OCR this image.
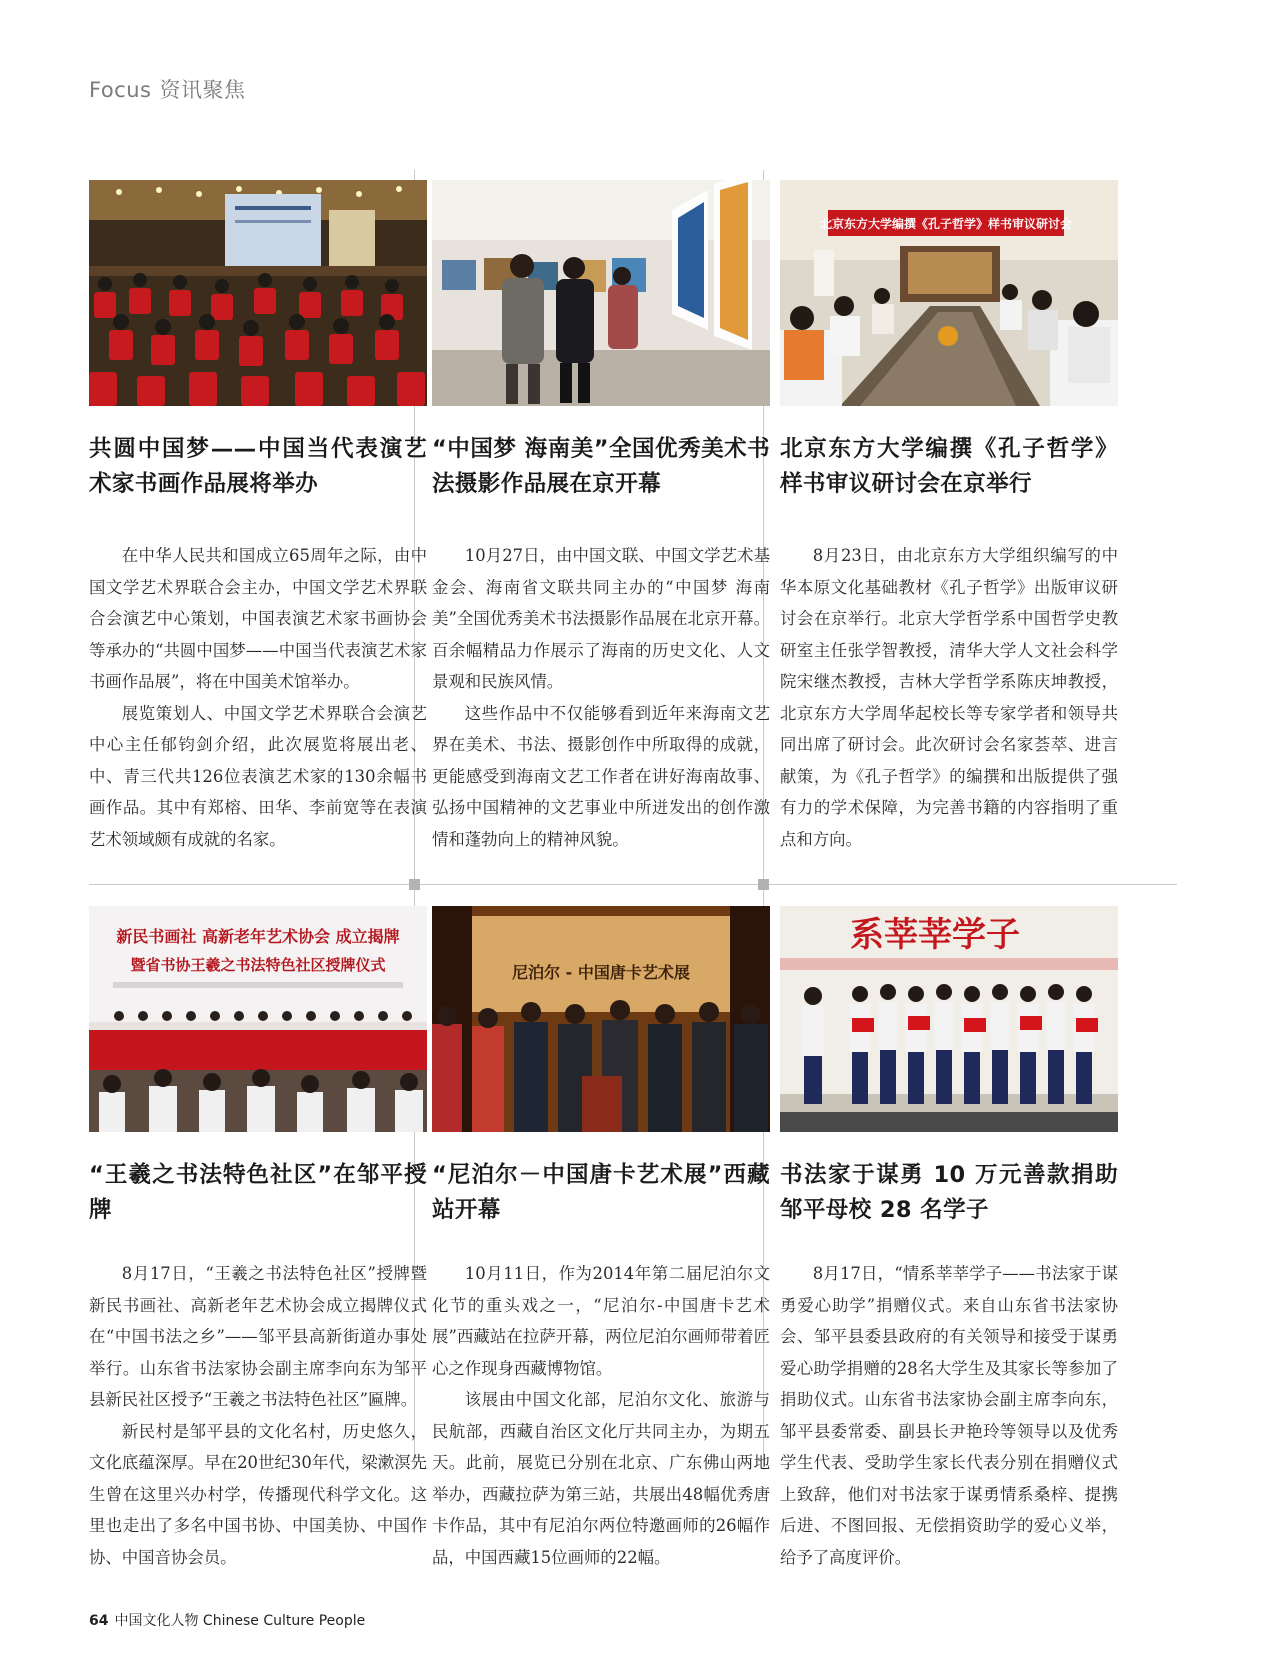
Focus 资讯聚焦
共圆中国梦——中国当代表演艺术家书画作品展将举办

在中华人民共和国成立65周年之际，由中国文学艺术界联合会主办，中国文学艺术界联合会演艺中心策划，中国表演艺术家书画协会等承办的“共圆中国梦——中国当代表演艺术家书画作品展”，将在中国美术馆举办。

展览策划人、中国文学艺术界联合会演艺中心主任郁钧剑介绍，此次展览将展出老、中、青三代共126位表演艺术家的130余幅书画作品。其中有郑榕、田华、李前宽等在表演艺术领域颇有成就的名家。

“中国梦 海南美”全国优秀美术书法摄影作品展在京开幕

10月27日，由中国文联、中国文学艺术基金会、海南省文联共同主办的“中国梦 海南美”全国优秀美术书法摄影作品展在北京开幕。百余幅精品力作展示了海南的历史文化、人文景观和民族风情。

这些作品中不仅能够看到近年来海南文艺界在美术、书法、摄影创作中所取得的成就，更能感受到海南文艺工作者在讲好海南故事、弘扬中国精神的文艺事业中所迸发出的创作激情和蓬勃向上的精神风貌。

北京东方大学编撰《孔子哲学》样书审议研讨会
北京东方大学编撰《孔子哲学》样书审议研讨会在京举行

8月23日，由北京东方大学组织编写的中华本原文化基础教材《孔子哲学》出版审议研讨会在京举行。北京大学哲学系中国哲学史教研室主任张学智教授，清华大学人文社会科学院宋继杰教授，吉林大学哲学系陈庆坤教授，北京东方大学周华起校长等专家学者和领导共同出席了研讨会。此次研讨会名家荟萃、进言献策，为《孔子哲学》的编撰和出版提供了强有力的学术保障，为完善书籍的内容指明了重点和方向。

新民书画社 高新老年艺术协会 成立揭牌
暨省书协王羲之书法特色社区授牌仪式
“王羲之书法特色社区”在邹平授牌

8月17日，“王羲之书法特色社区”授牌暨新民书画社、高新老年艺术协会成立揭牌仪式在“中国书法之乡”——邹平县高新街道办事处举行。山东省书法家协会副主席李向东为邹平县新民社区授予“王羲之书法特色社区”匾牌。

新民村是邹平县的文化名村，历史悠久，文化底蕴深厚。早在20世纪30年代，梁漱溟先生曾在这里兴办村学，传播现代科学文化。这里也走出了多名中国书协、中国美协、中国作协、中国音协会员。

尼泊尔 - 中国唐卡艺术展
“尼泊尔－中国唐卡艺术展”西藏站开幕

10月11日，作为2014年第二届尼泊尔文化节的重头戏之一，“尼泊尔-中国唐卡艺术展”西藏站在拉萨开幕，两位尼泊尔画师带着匠心之作现身西藏博物馆。

该展由中国文化部，尼泊尔文化、旅游与民航部，西藏自治区文化厅共同主办，为期五天。此前，展览已分别在北京、广东佛山两地举办，西藏拉萨为第三站，共展出48幅优秀唐卡作品，其中有尼泊尔两位特邀画师的26幅作品，中国西藏15位画师的22幅。

系莘莘学子
书法家于谋勇 10 万元善款捐助邹平母校 28 名学子

8月17日，“情系莘莘学子——书法家于谋勇爱心助学”捐赠仪式。来自山东省书法家协会、邹平县委县政府的有关领导和接受于谋勇爱心助学捐赠的28名大学生及其家长等参加了捐助仪式。山东省书法家协会副主席李向东，邹平县委常委、副县长尹艳玲等领导以及优秀学生代表、受助学生家长代表分别在捐赠仪式上致辞，他们对书法家于谋勇情系桑梓、提携后进、不图回报、无偿捐资助学的爱心义举，给予了高度评价。

64 中国文化人物 Chinese Culture People
